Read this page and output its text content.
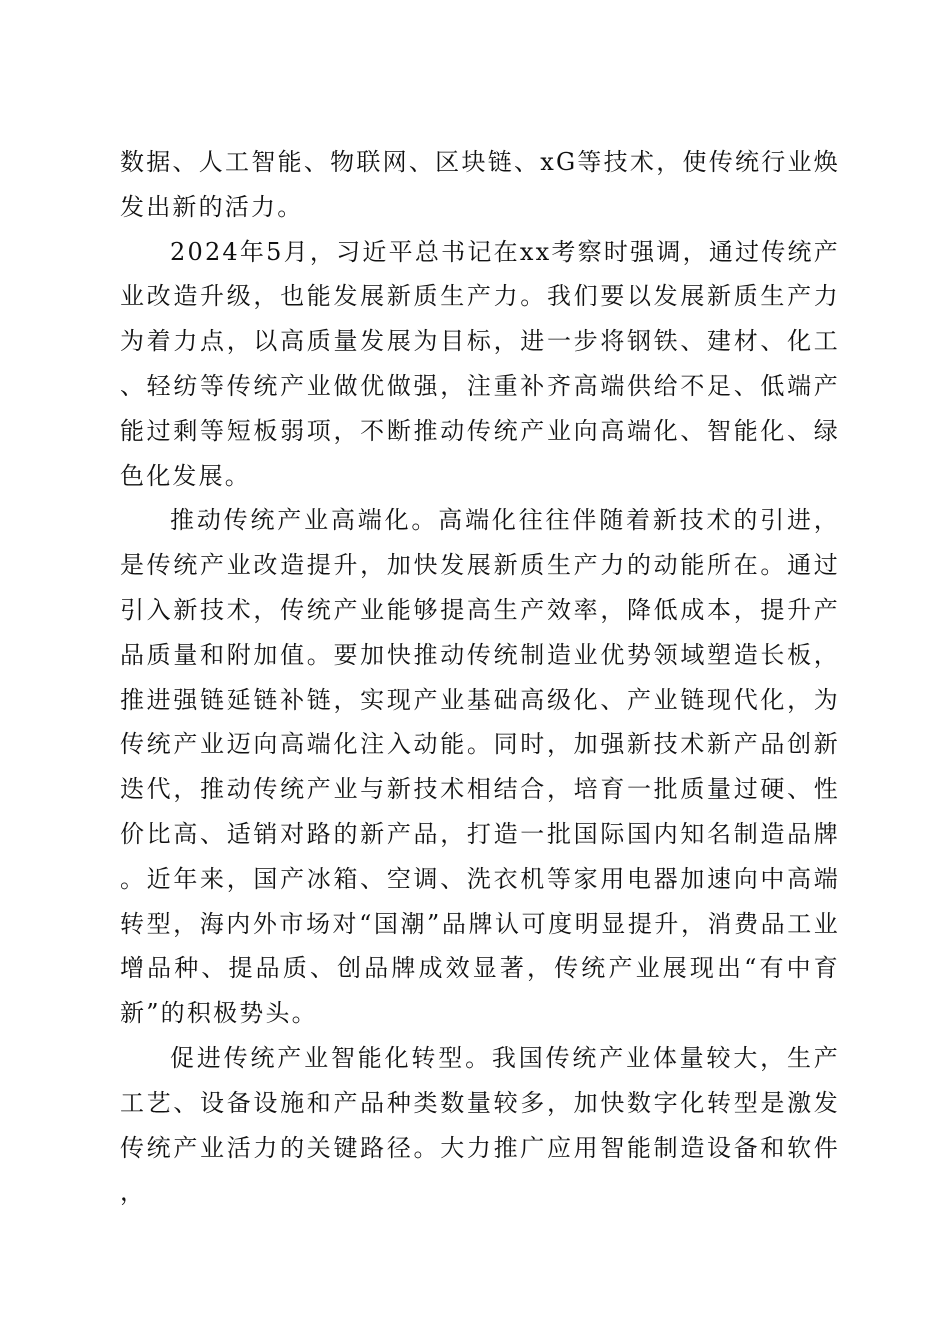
数据、人工智能、物联网、区块链、xG等技术，使传统行业焕发出新的活力。

2024年5月，习近平总书记在xx考察时强调，通过传统产业改造升级，也能发展新质生产力。我们要以发展新质生产力为着力点，以高质量发展为目标，进一步将钢铁、建材、化工、轻纺等传统产业做优做强，注重补齐高端供给不足、低端产能过剩等短板弱项，不断推动传统产业向高端化、智能化、绿色化发展。

推动传统产业高端化。高端化往往伴随着新技术的引进，是传统产业改造提升，加快发展新质生产力的动能所在。通过引入新技术，传统产业能够提高生产效率，降低成本，提升产品质量和附加值。要加快推动传统制造业优势领域塑造长板，推进强链延链补链，实现产业基础高级化、产业链现代化，为传统产业迈向高端化注入动能。同时，加强新技术新产品创新迭代，推动传统产业与新技术相结合，培育一批质量过硬、性价比高、适销对路的新产品，打造一批国际国内知名制造品牌。近年来，国产冰箱、空调、洗衣机等家用电器加速向中高端转型，海内外市场对“国潮”品牌认可度明显提升，消费品工业增品种、提品质、创品牌成效显著，传统产业展现出“有中育新”的积极势头。

促进传统产业智能化转型。我国传统产业体量较大，生产工艺、设备设施和产品种类数量较多，加快数字化转型是激发传统产业活力的关键路径。大力推广应用智能制造设备和软件，
